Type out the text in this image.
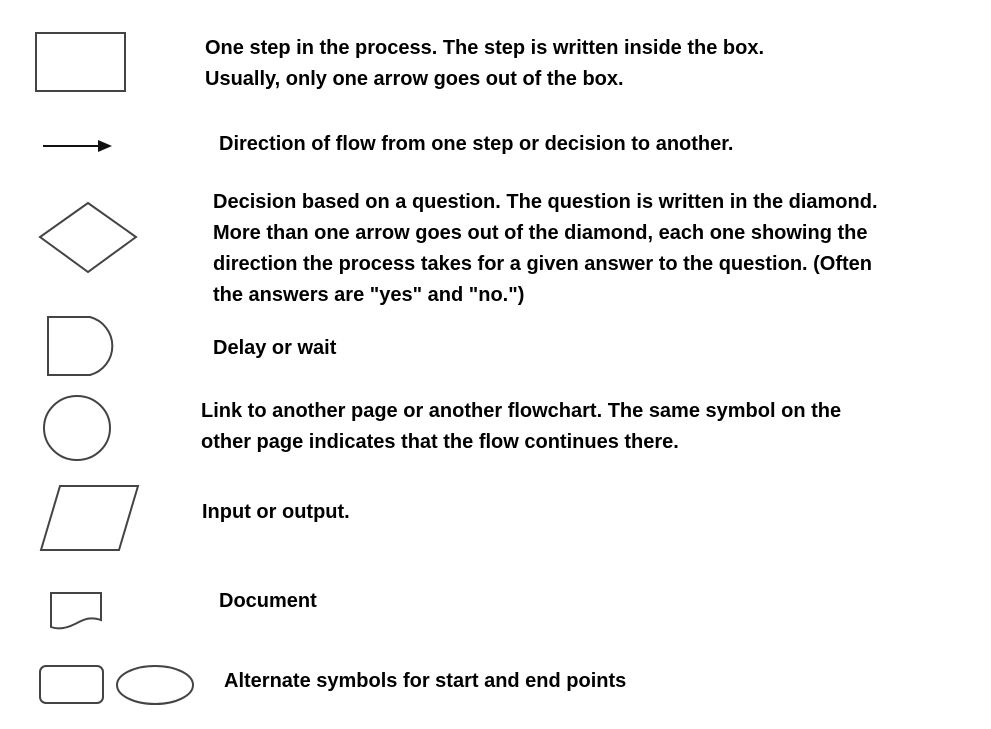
One step in the process. The step is written inside the box.
Usually, only one arrow goes out of the box.

Direction of flow from one step or decision to another.

Decision based on a question. The question is written in the diamond.
More than one arrow goes out of the diamond, each one showing the
direction the process takes for a given answer to the question. (Often
the answers are "yes" and "no.")

Delay or wait

Link to another page or another flowchart. The same symbol on the
other page indicates that the flow continues there.

Input or output.

Document

Alternate symbols for start and end points
